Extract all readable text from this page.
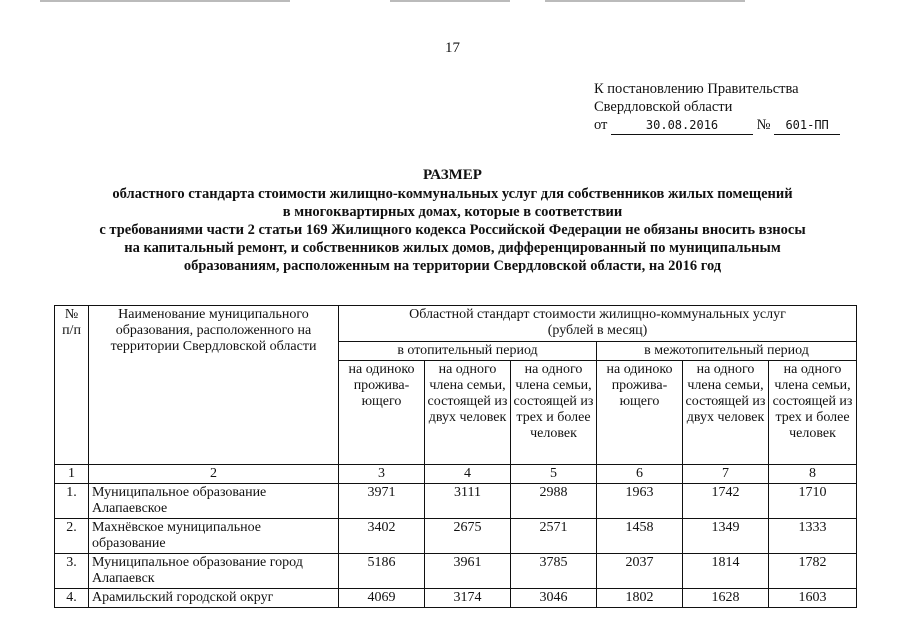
17
К постановлению Правительства
Свердловской области
от	30.08.2016	№ 601-ПП
РАЗМЕР
областного стандарта стоимости жилищно-коммунальных услуг для собственников жилых помещений
в многоквартирных домах, которые в соответствии
с требованиями части 2 статьи 169 Жилищного кодекса Российской Федерации не обязаны вносить взносы
на капитальный ремонт, и собственников жилых домов, дифференцированный по муниципальным
образованиям, расположенным на территории Свердловской области, на 2016 год
№ п/п	Наименование муниципального образования, расположенного на территории Свердловской области	Областной стандарт стоимости жилищно-коммунальных услуг (рублей в месяц)					
		в отопительный период			в межотопительный период		
		на одиноко прожива-ющего	на одного члена семьи, состоящей из двух человек	на одного члена семьи, состоящей из трех и более человек	на одиноко прожива-ющего	на одного члена семьи, состоящей из двух человек	на одного члена семьи, состоящей из трех и более человек
1	2	3	4	5	6	7	8
1.	Муниципальное образование Алапаевское	3971	3111	2988	1963	1742	1710
2.	Махнёвское муниципальное образование	3402	2675	2571	1458	1349	1333
3.	Муниципальное образование город Алапаевск	5186	3961	3785	2037	1814	1782
4.	Арамильский городской округ	4069	3174	3046	1802	1628	1603
